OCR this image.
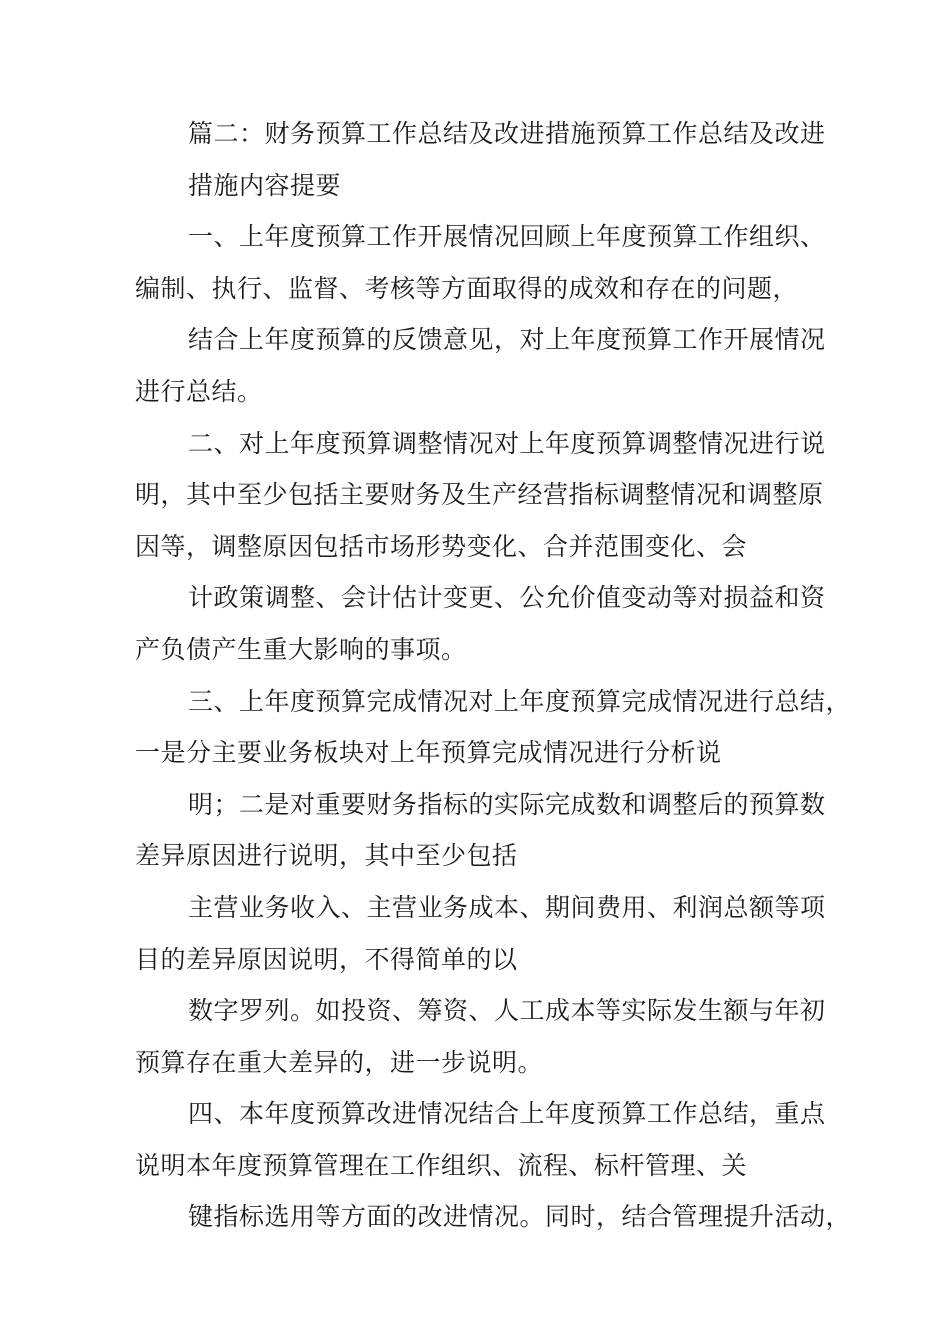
篇二：财务预算工作总结及改进措施预算工作总结及改进
措施内容提要
一、上年度预算工作开展情况回顾上年度预算工作组织、
编制、执行、监督、考核等方面取得的成效和存在的问题，
结合上年度预算的反馈意见，对上年度预算工作开展情况
进行总结。
二、对上年度预算调整情况对上年度预算调整情况进行说
明，其中至少包括主要财务及生产经营指标调整情况和调整原
因等，调整原因包括市场形势变化、合并范围变化、会
计政策调整、会计估计变更、公允价值变动等对损益和资
产负债产生重大影响的事项。
三、上年度预算完成情况对上年度预算完成情况进行总结，
一是分主要业务板块对上年预算完成情况进行分析说
明；二是对重要财务指标的实际完成数和调整后的预算数
差异原因进行说明，其中至少包括
主营业务收入、主营业务成本、期间费用、利润总额等项
目的差异原因说明，不得简单的以
数字罗列。如投资、筹资、人工成本等实际发生额与年初
预算存在重大差异的，进一步说明。
四、本年度预算改进情况结合上年度预算工作总结，重点
说明本年度预算管理在工作组织、流程、标杆管理、关
键指标选用等方面的改进情况。同时，结合管理提升活动，
